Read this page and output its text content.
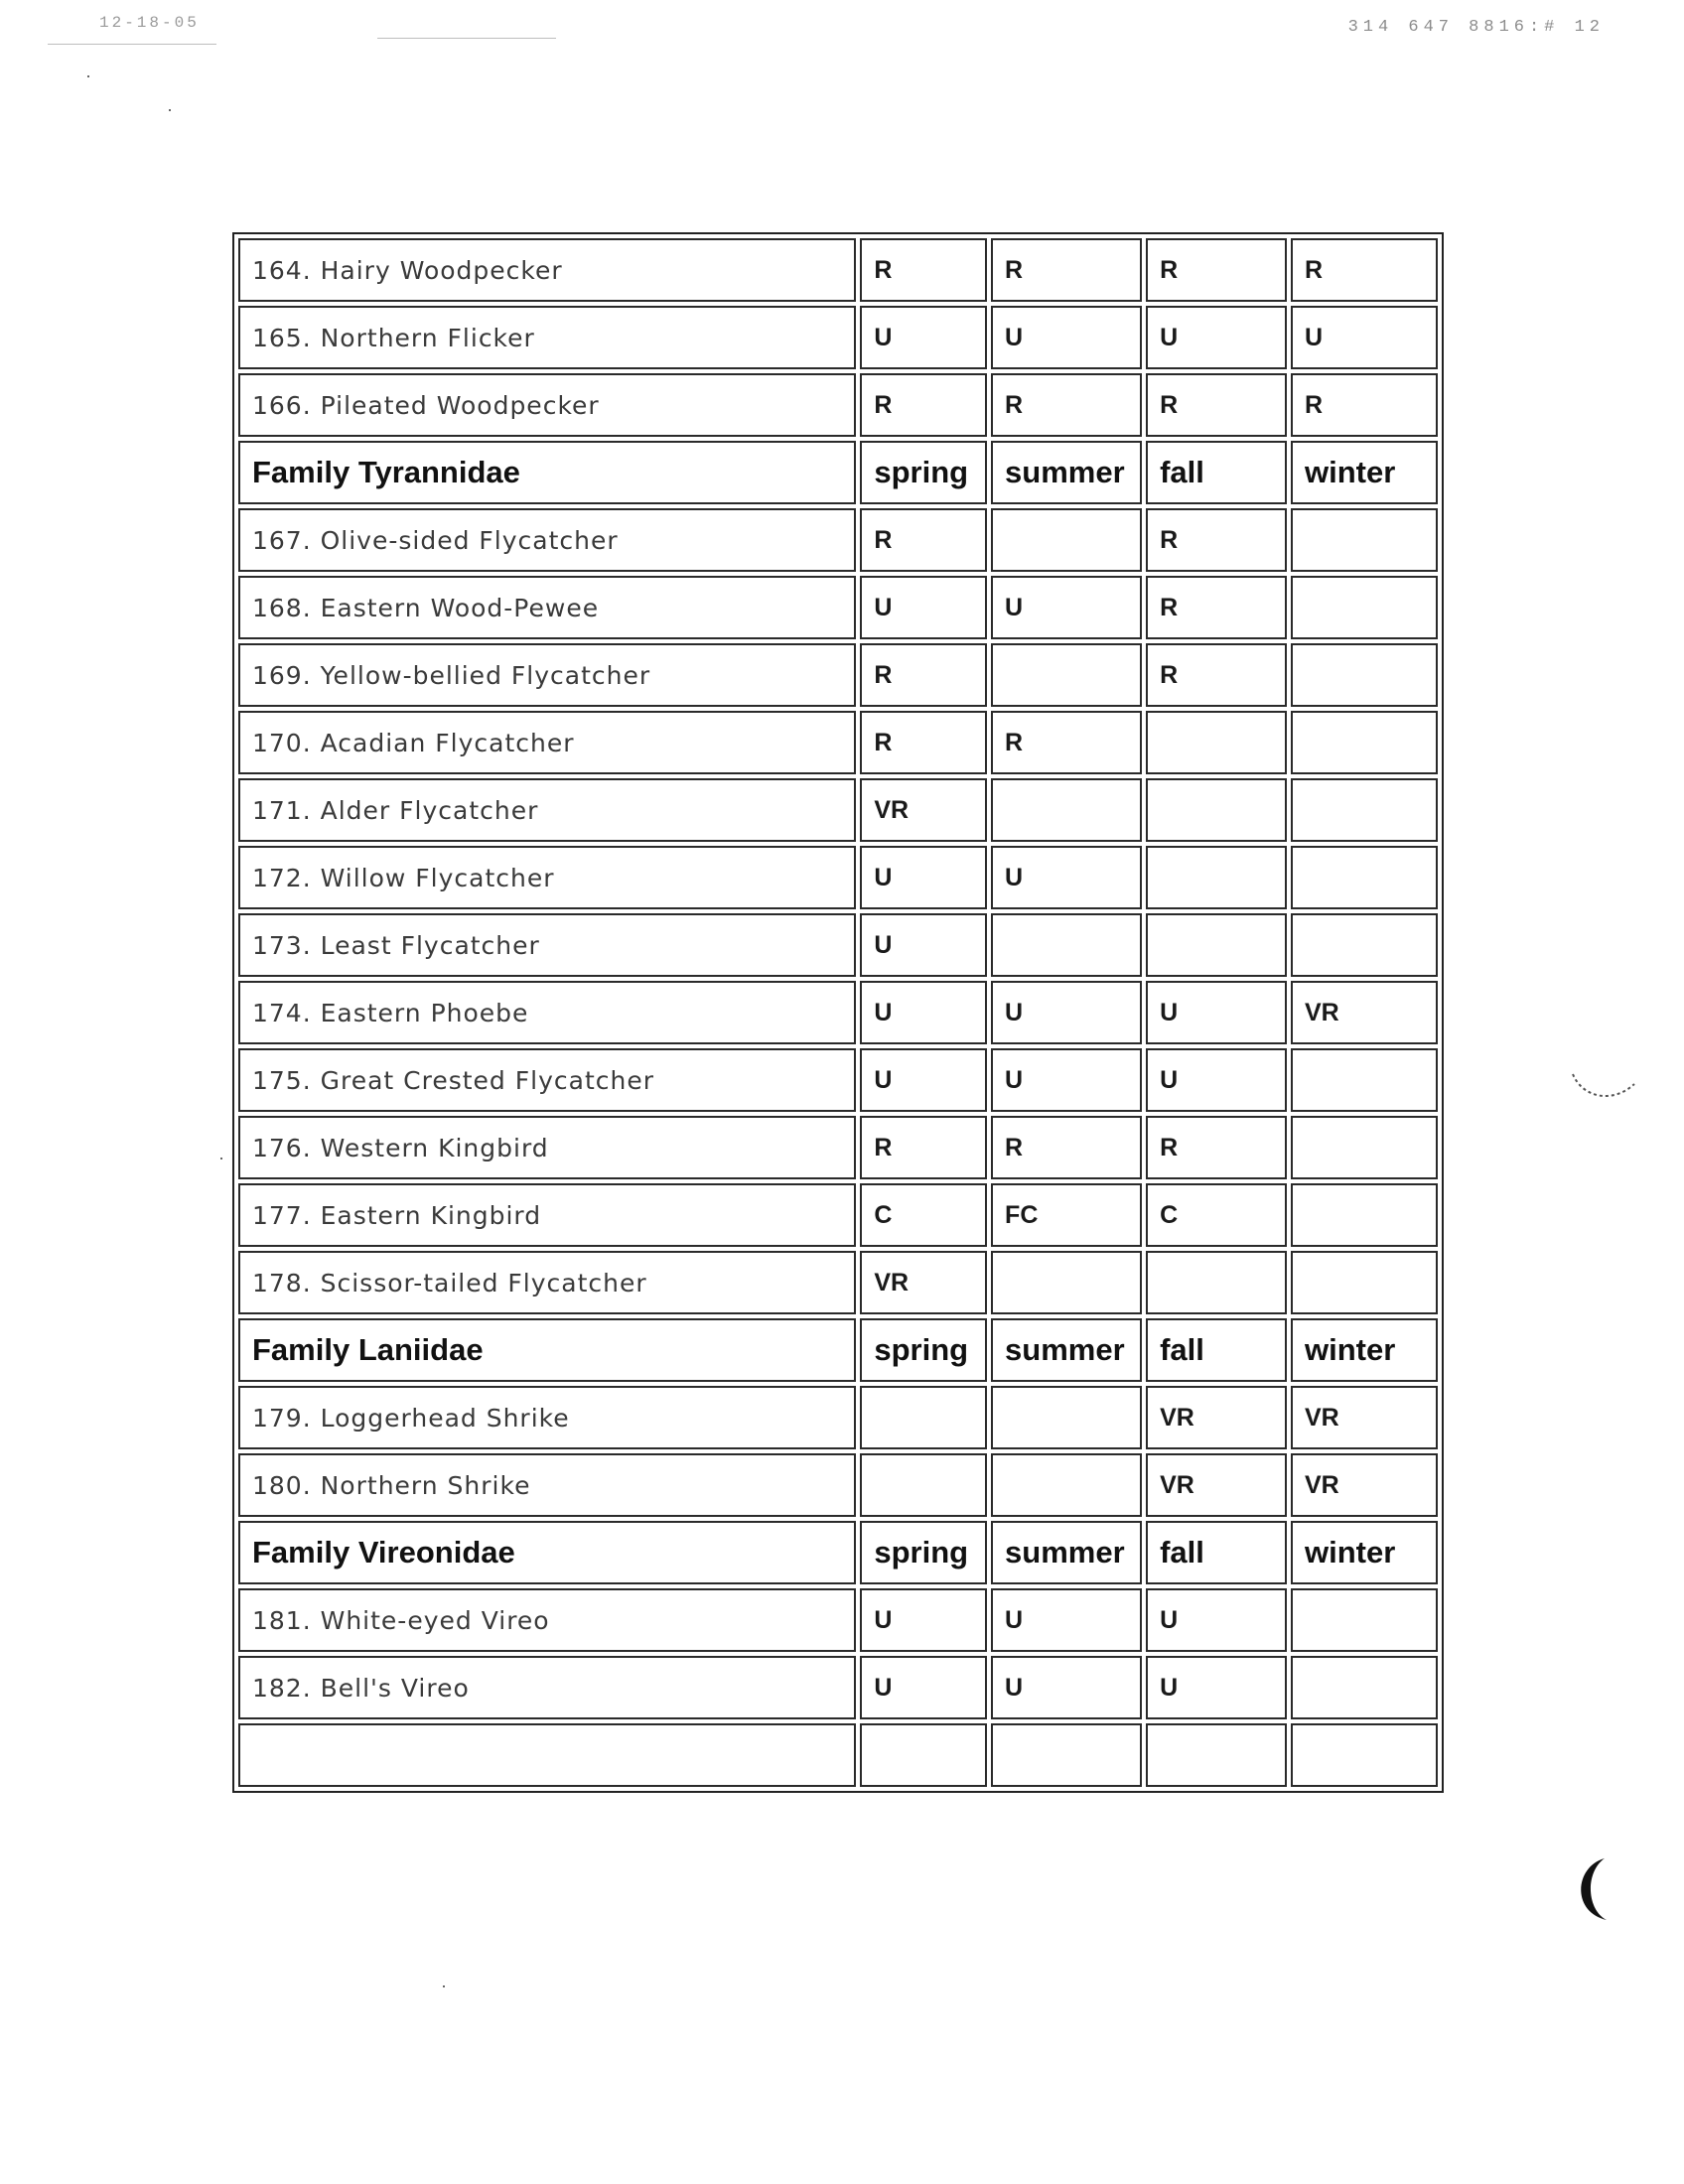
12-18-05	314 647 8816:# 12
164. Hairy Woodpecker	R	R	R	R
165. Northern Flicker	U	U	U	U
166. Pileated Woodpecker	R	R	R	R
Family Tyrannidae	spring	summer	fall	winter
167. Olive-sided Flycatcher	R		R	
168. Eastern Wood-Pewee	U	U	R	
169. Yellow-bellied Flycatcher	R		R	
170. Acadian Flycatcher	R	R		
171. Alder Flycatcher	VR			
172. Willow Flycatcher	U	U		
173. Least Flycatcher	U			
174. Eastern Phoebe	U	U	U	VR
175. Great Crested Flycatcher	U	U	U	
176. Western Kingbird	R	R	R	
177. Eastern Kingbird	C	FC	C	
178. Scissor-tailed Flycatcher	VR			
Family Laniidae	spring	summer	fall	winter
179. Loggerhead Shrike			VR	VR
180. Northern Shrike			VR	VR
Family Vireonidae	spring	summer	fall	winter
181. White-eyed Vireo	U	U	U	
182. Bell's Vireo	U	U	U	
